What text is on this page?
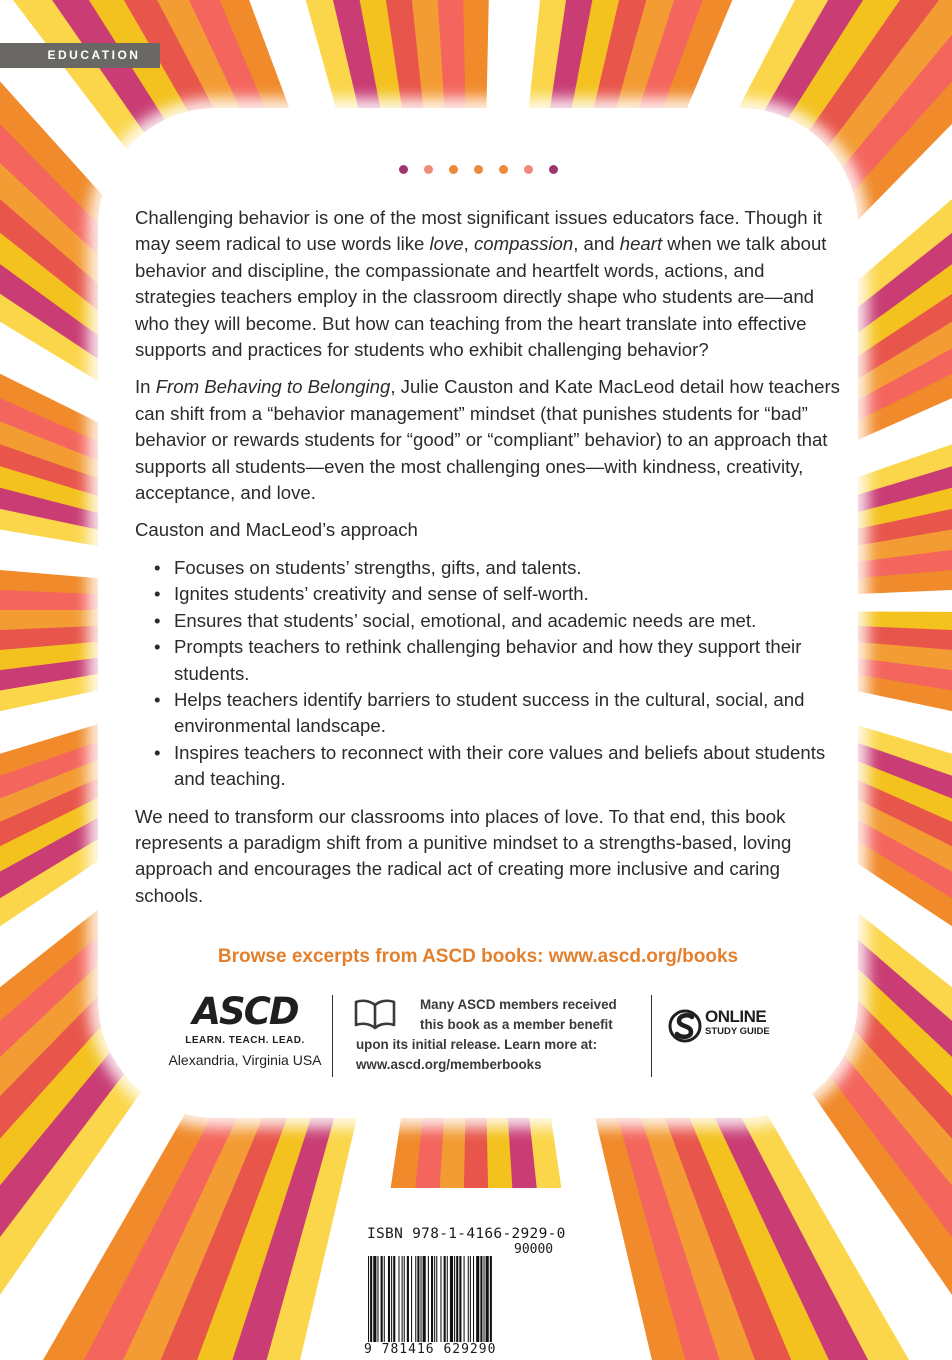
EDUCATION

Challenging behavior is one of the most significant issues educators face. Though it may seem radical to use words like love, compassion, and heart when we talk about behavior and discipline, the compassionate and heartfelt words, actions, and strategies teachers employ in the classroom directly shape who students are—and who they will become. But how can teaching from the heart translate into effective supports and practices for students who exhibit challenging behavior?

In From Behaving to Belonging, Julie Causton and Kate MacLeod detail how teachers can shift from a “behavior management” mindset (that punishes students for “bad” behavior or rewards students for “good” or “compliant” behavior) to an approach that supports all students—even the most challenging ones—with kindness, creativity, acceptance, and love.

Causton and MacLeod’s approach

• Focuses on students’ strengths, gifts, and talents.
• Ignites students’ creativity and sense of self-worth.
• Ensures that students’ social, emotional, and academic needs are met.
• Prompts teachers to rethink challenging behavior and how they support their students.
• Helps teachers identify barriers to student success in the cultural, social, and environmental landscape.
• Inspires teachers to reconnect with their core values and beliefs about students and teaching.

We need to transform our classrooms into places of love. To that end, this book represents a paradigm shift from a punitive mindset to a strengths-based, loving approach and encourages the radical act of creating more inclusive and caring schools.

Browse excerpts from ASCD books: www.ascd.org/books
ASCD
LEARN. TEACH. LEAD.
Alexandria, Virginia USA
Many ASCD members received
this book as a member benefit
upon its initial release. Learn more at:
www.ascd.org/memberbooks
ONLINE
STUDY GUIDE
ISBN 978-1-4166-2929-0
90000
9 781416 629290
